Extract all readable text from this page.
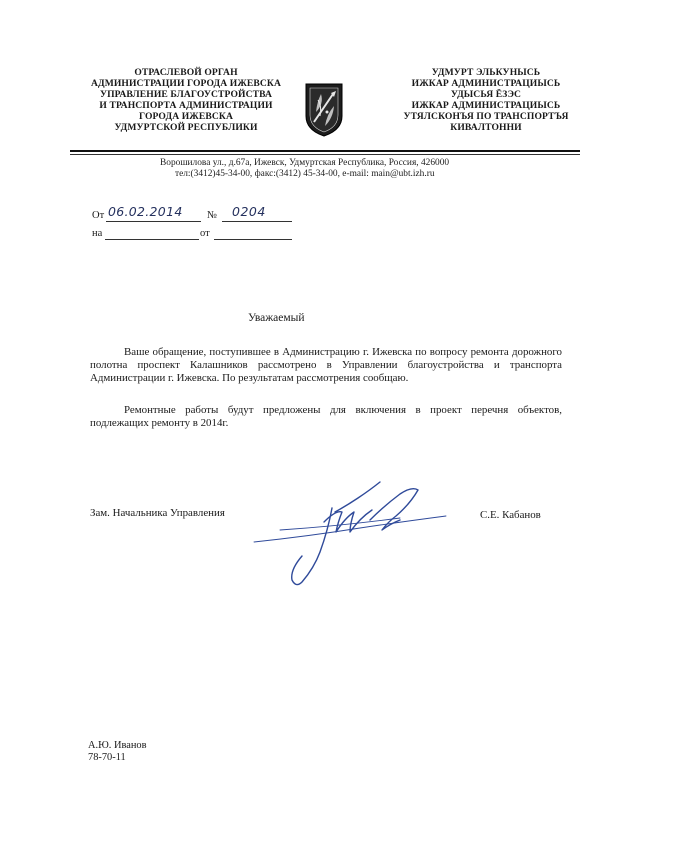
ОТРАСЛЕВОЙ ОРГАН
АДМИНИСТРАЦИИ ГОРОДА ИЖЕВСКА
УПРАВЛЕНИЕ БЛАГОУСТРОЙСТВА
И ТРАНСПОРТА АДМИНИСТРАЦИИ
ГОРОДА ИЖЕВСКА
УДМУРТСКОЙ РЕСПУБЛИКИ
УДМУРТ ЭЛЬКУНЫСЬ
ИЖКАР АДМИНИСТРАЦИЫСЬ
УДЫСЬЯ ЁЗЭС
ИЖКАР АДМИНИСТРАЦИЫСЬ
УТЯЛСКОНЪЯ ПО ТРАНСПОРТЪЯ
КИВАЛТОННИ
Ворошилова ул., д.67а, Ижевск, Удмуртская Республика, Россия, 426000
тел:(3412)45-34-00, факс:(3412) 45-34-00, e-mail: main@ubt.izh.ru
От 06.02.2014 № 0204
на	от
Уважаемый
Ваше обращение, поступившее в Администрацию г. Ижевска по вопросу ремонта дорожного полотна проспект Калашников рассмотрено в Управлении благоустройства и транспорта Администрации г. Ижевска. По результатам рассмотрения сообщаю.
Ремонтные работы будут предложены для включения в проект перечня объектов, подлежащих ремонту в 2014г.
Зам. Начальника Управления	С.Е. Кабанов
А.Ю. Иванов
78-70-11
